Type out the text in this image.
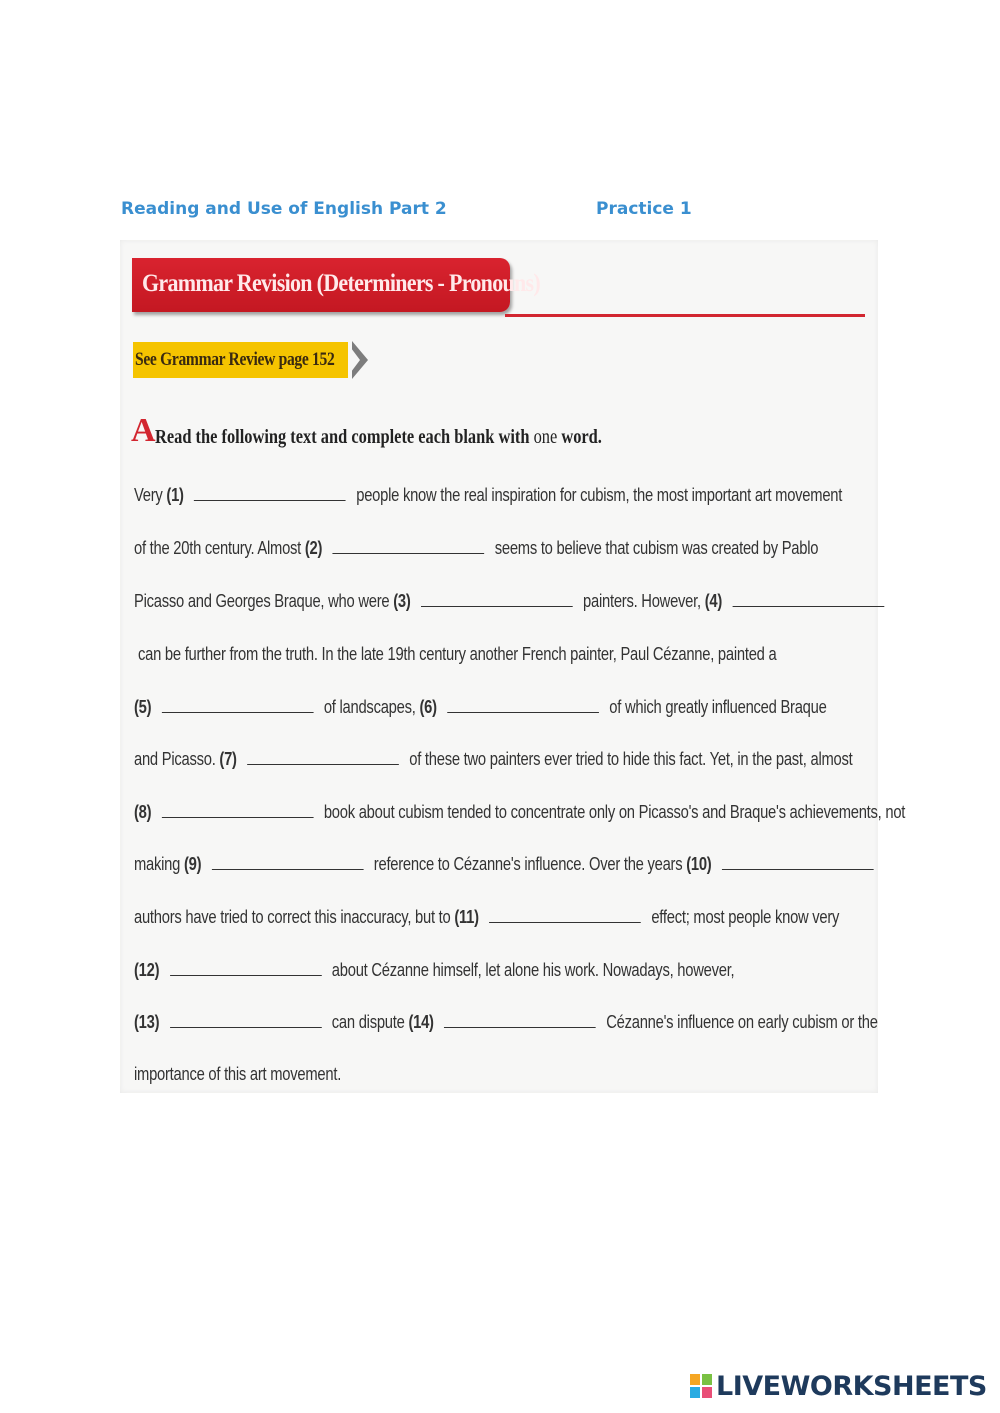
Reading and Use of English Part 2	Practice 1
Grammar Revision (Determiners - Pronouns)
See Grammar Review page 152
A Read the following text and complete each blank with one word.
Very (1)	people know the real inspiration for cubism, the most important art movement
of the 20th century. Almost (2)	seems to believe that cubism was created by Pablo
Picasso and Georges Braque, who were (3)	painters. However, (4)
can be further from the truth. In the late 19th century another French painter, Paul Cézanne, painted a
(5)	of landscapes, (6)	of which greatly influenced Braque
and Picasso. (7)	of these two painters ever tried to hide this fact. Yet, in the past, almost
(8)	book about cubism tended to concentrate only on Picasso's and Braque's achievements, not
making (9)	reference to Cézanne's influence. Over the years (10)
authors have tried to correct this inaccuracy, but to (11)	effect; most people know very
(12)	about Cézanne himself, let alone his work. Nowadays, however,
(13)	can dispute (14)	Cézanne's influence on early cubism or the
importance of this art movement.
LIVEWORKSHEETS
